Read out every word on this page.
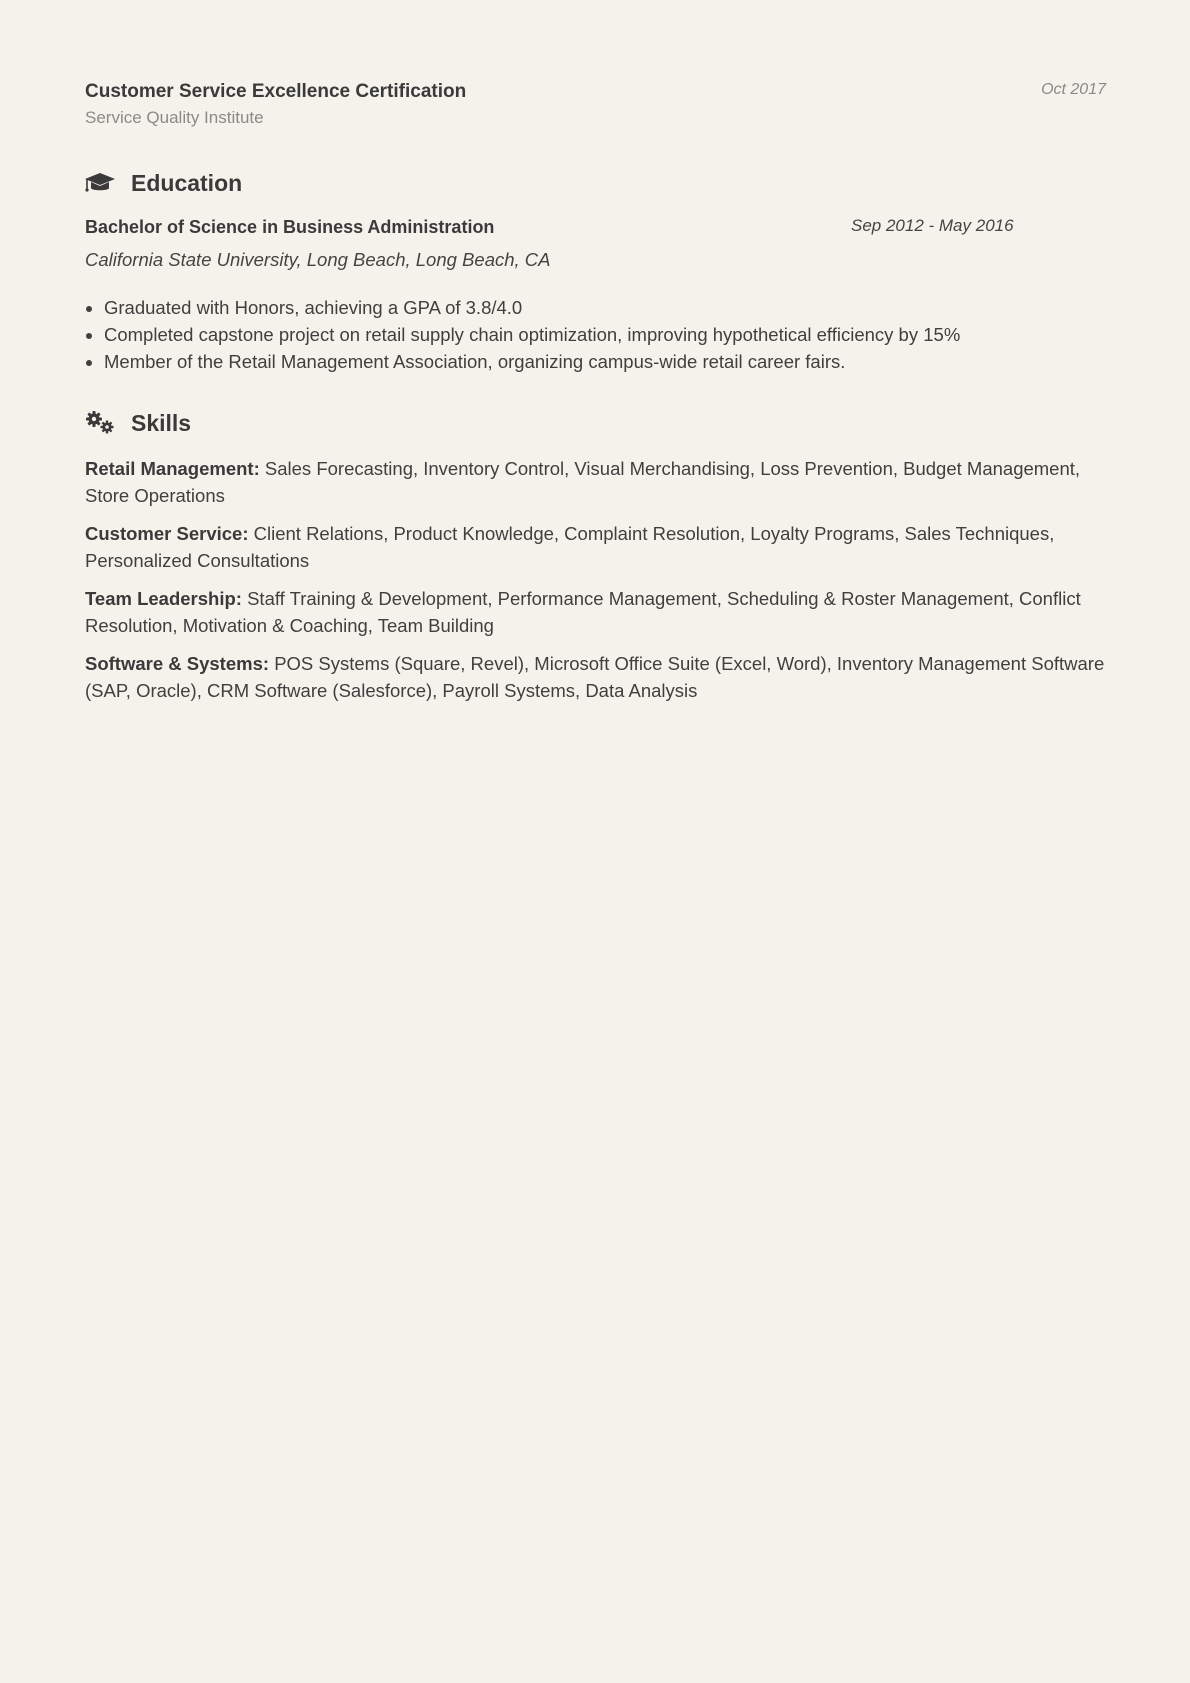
Customer Service Excellence Certification
Service Quality Institute
Oct 2017
Education
Bachelor of Science in Business Administration	Sep 2012 - May 2016
California State University, Long Beach, Long Beach, CA
• Graduated with Honors, achieving a GPA of 3.8/4.0
• Completed capstone project on retail supply chain optimization, improving hypothetical efficiency by 15%
• Member of the Retail Management Association, organizing campus-wide retail career fairs.
Skills
Retail Management: Sales Forecasting, Inventory Control, Visual Merchandising, Loss Prevention, Budget Management, Store Operations
Customer Service: Client Relations, Product Knowledge, Complaint Resolution, Loyalty Programs, Sales Techniques, Personalized Consultations
Team Leadership: Staff Training & Development, Performance Management, Scheduling & Roster Management, Conflict Resolution, Motivation & Coaching, Team Building
Software & Systems: POS Systems (Square, Revel), Microsoft Office Suite (Excel, Word), Inventory Management Software (SAP, Oracle), CRM Software (Salesforce), Payroll Systems, Data Analysis
